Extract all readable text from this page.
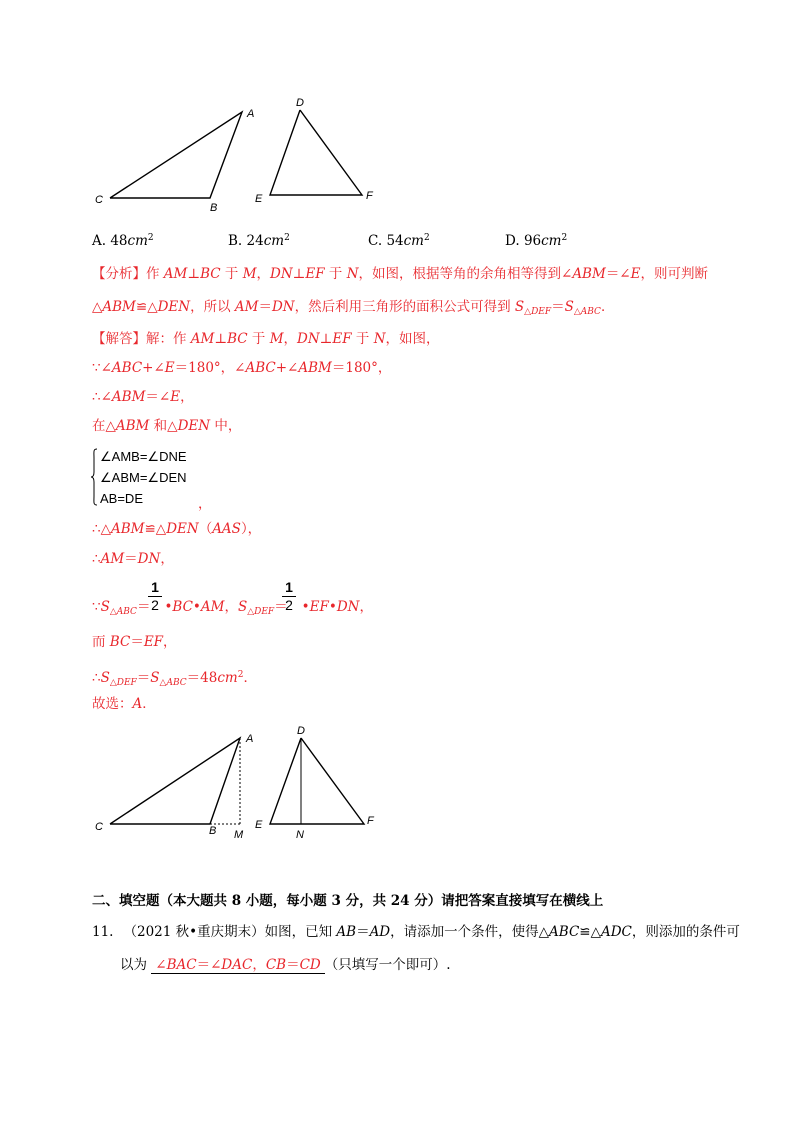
A
B
C
D
E	F
A. $48cm^2$	B. $24cm^2$	C. $54cm^2$	D. $96cm^2$
【分析】作 AM⊥BC 于 M，DN⊥EF 于 N，如图，根据等角的余角相等得到∠ABM＝∠E，则可判断
△ABM≌△DEN，所以 AM＝DN，然后利用三角形的面积公式可得到 $S_{\triangle DEF}=S_{\triangle ABC}$．
【解答】解：作 AM⊥BC 于 M，DN⊥EF 于 N，如图，
∵∠ABC+∠E＝180°，∠ABC+∠ABM＝180°，
∴∠ABM＝∠E，
在△ABM 和△DEN 中，
∠AMB=∠DNE
∠ABM=∠DEN
AB=DE	，
∴△ABM≌△DEN（AAS），
∴AM＝DN，
$\because S_{\triangle ABC}=$ •BC•AM，$S_{\triangle DEF}=$ •EF•DN，
1
2
1
2
而 BC＝EF，
$\therefore S_{\triangle DEF}=S_{\triangle ABC}=48cm^2$．
故选：A．
A
B
C
M
D
E	F
N
二、填空题（本大题共 8 小题，每小题 3 分，共 24 分）请把答案直接填写在横线上
11. （2021 秋•重庆期末）如图，已知 AB＝AD，请添加一个条件，使得△ABC≌△ADC，则添加的条件可
以为 ∠BAC＝∠DAC，CB＝CD （只填写一个即可）.
